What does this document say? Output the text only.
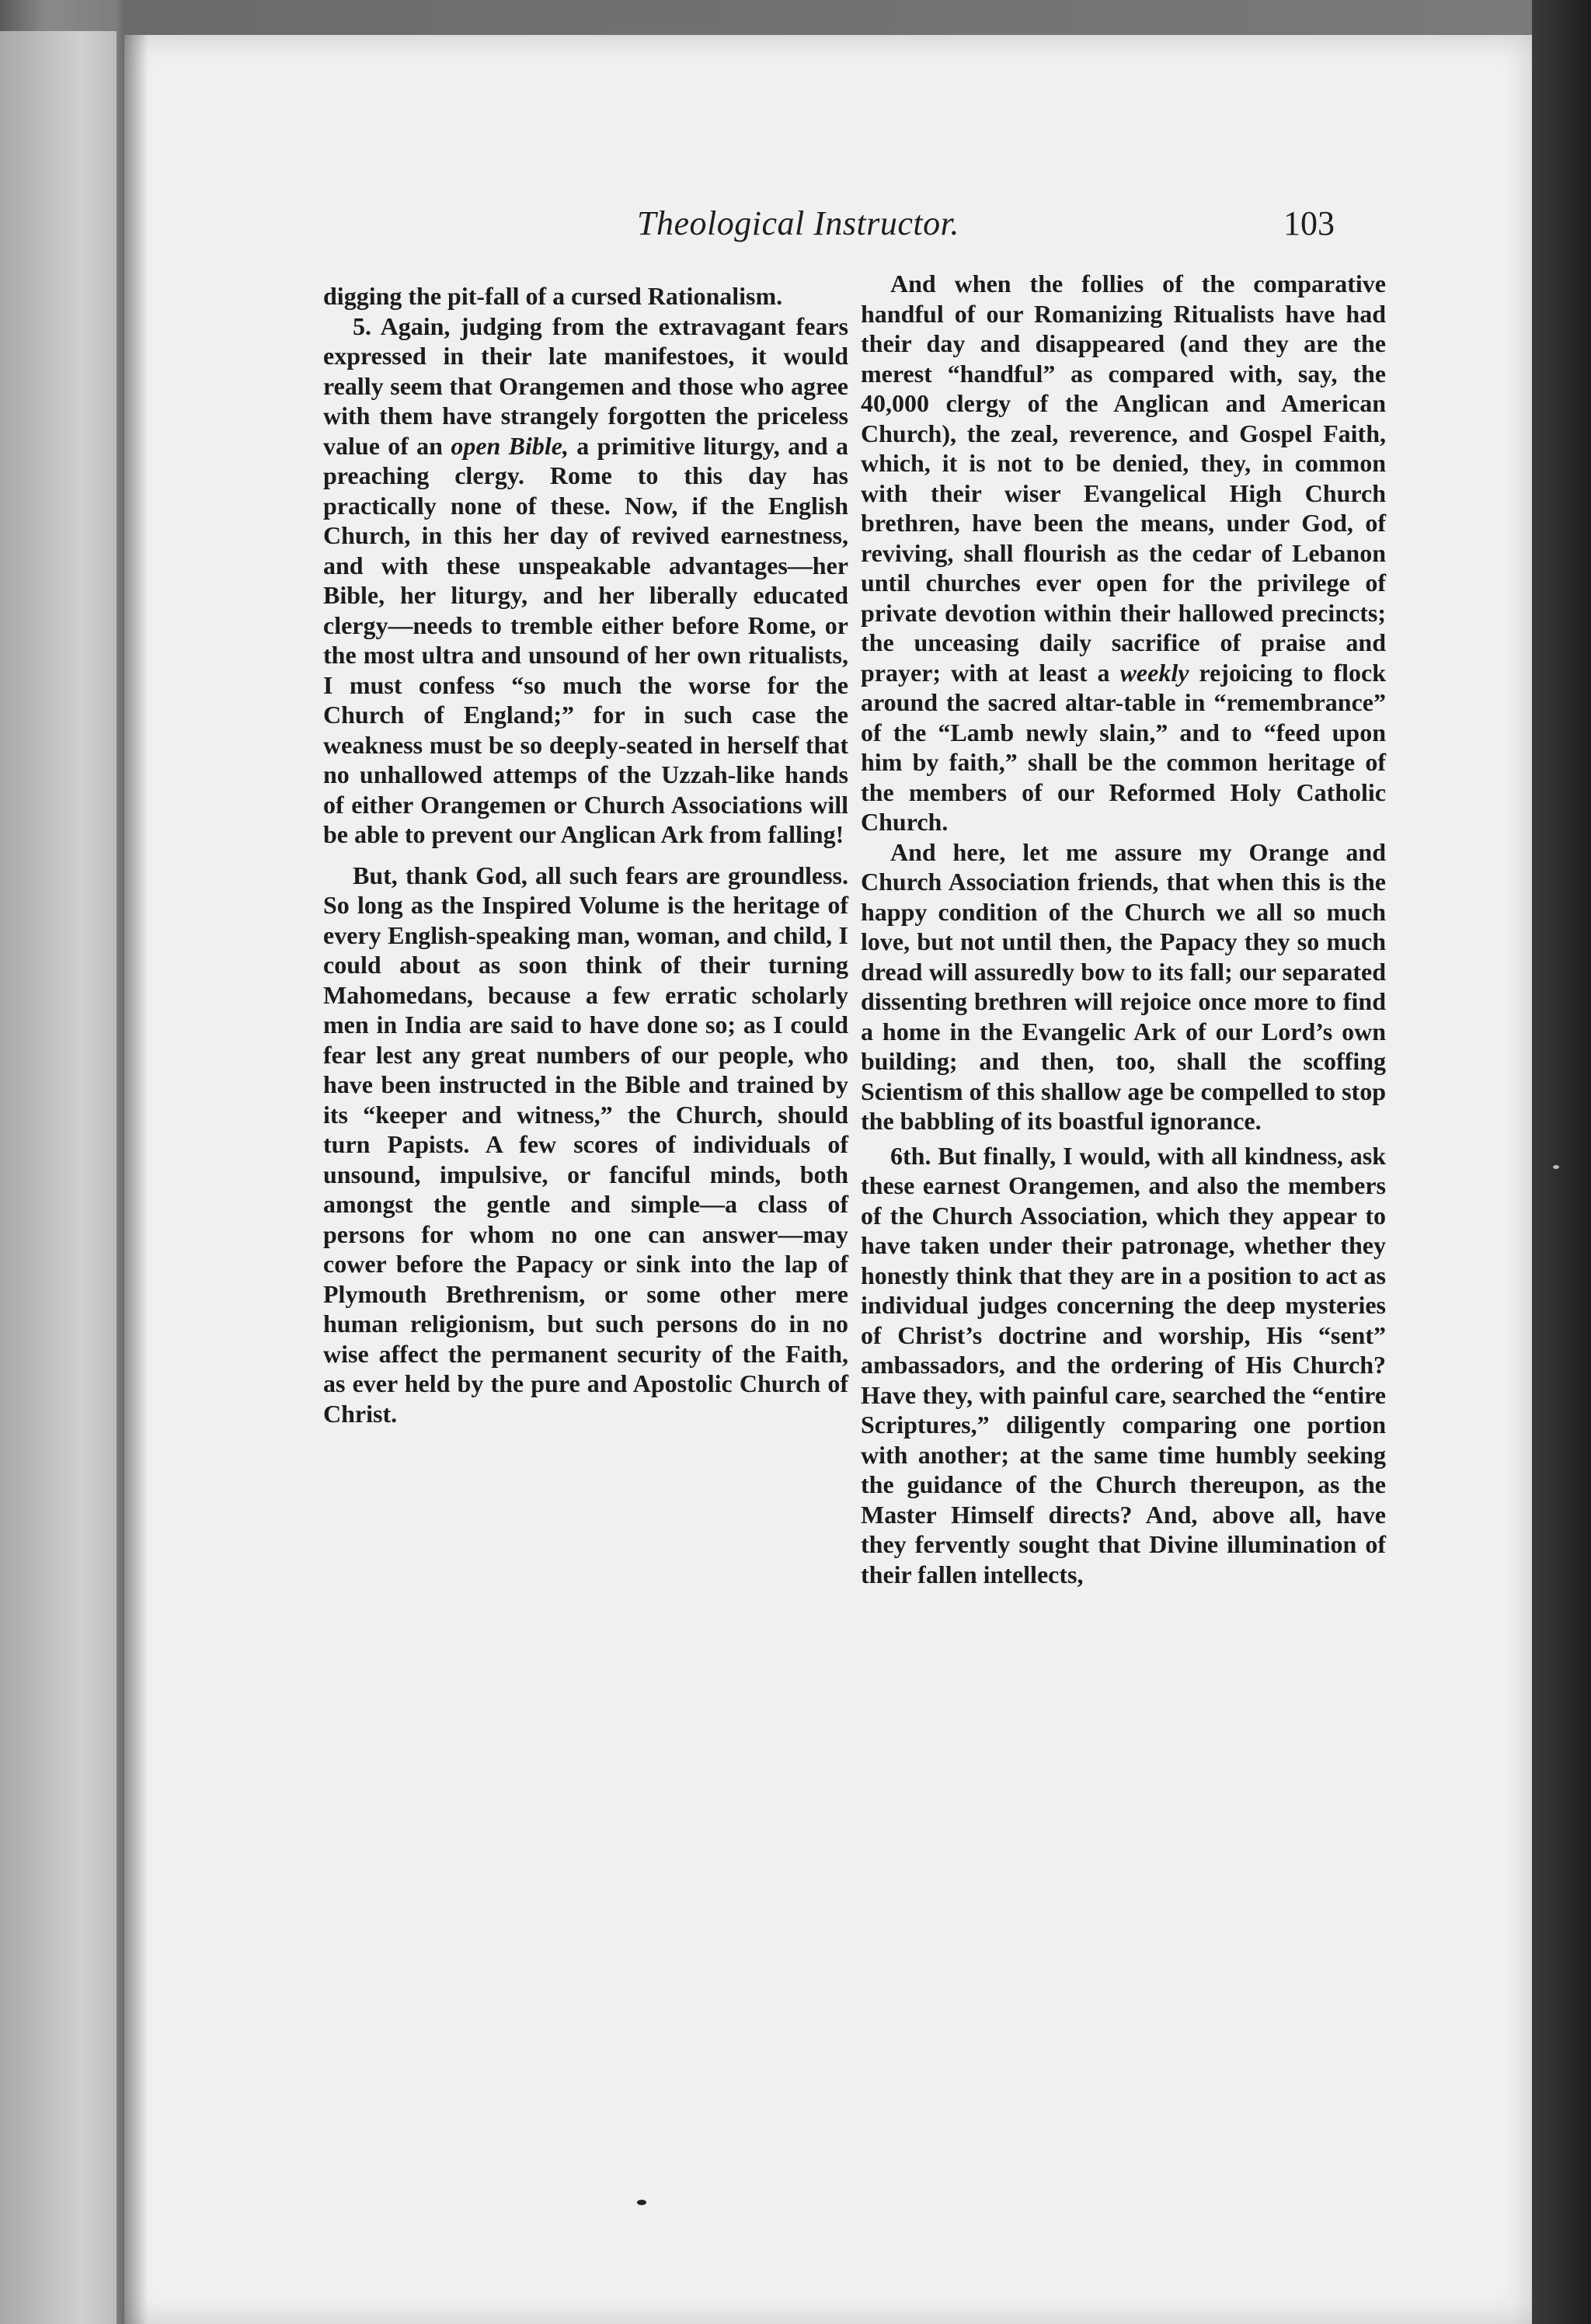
Theological Instructor.	103

digging the pit-fall of a cursed Rationalism.

5. Again, judging from the extravagant fears expressed in their late manifestoes, it would really seem that Orangemen and those who agree with them have strangely forgotten the priceless value of an open Bible, a primitive liturgy, and a preaching clergy. Rome to this day has practically none of these. Now, if the English Church, in this her day of revived earnestness, and with these unspeakable advantages—her Bible, her liturgy, and her liberally educated clergy—needs to tremble either before Rome, or the most ultra and unsound of her own ritualists, I must confess “so much the worse for the Church of England;” for in such case the weakness must be so deeply-seated in herself that no unhallowed attemps of the Uzzah-like hands of either Orangemen or Church Associations will be able to prevent our Anglican Ark from falling!

But, thank God, all such fears are groundless. So long as the Inspired Volume is the heritage of every English-speaking man, woman, and child, I could about as soon think of their turning Mahomedans, because a few erratic scholarly men in India are said to have done so; as I could fear lest any great numbers of our people, who have been instructed in the Bible and trained by its “keeper and witness,” the Church, should turn Papists. A few scores of individuals of unsound, impulsive, or fanciful minds, both amongst the gentle and simple—a class of persons for whom no one can answer—may cower before the Papacy or sink into the lap of Plymouth Brethrenism, or some other mere human religionism, but such persons do in no wise affect the permanent security of the Faith, as ever held by the pure and Apostolic Church of Christ.

And when the follies of the comparative handful of our Romanizing Ritualists have had their day and disappeared (and they are the merest “handful” as compared with, say, the 40,000 clergy of the Anglican and American Church), the zeal, reverence, and Gospel Faith, which, it is not to be denied, they, in common with their wiser Evangelical High Church brethren, have been the means, under God, of reviving, shall flourish as the cedar of Lebanon until churches ever open for the privilege of private devotion within their hallowed precincts; the unceasing daily sacrifice of praise and prayer; with at least a weekly rejoicing to flock around the sacred altar-table in “remembrance” of the “Lamb newly slain,” and to “feed upon him by faith,” shall be the common heritage of the members of our Reformed Holy Catholic Church.

And here, let me assure my Orange and Church Association friends, that when this is the happy condition of the Church we all so much love, but not until then, the Papacy they so much dread will assuredly bow to its fall; our separated dissenting brethren will rejoice once more to find a home in the Evangelic Ark of our Lord’s own building; and then, too, shall the scoffing Scientism of this shallow age be compelled to stop the babbling of its boastful ignorance.

6th. But finally, I would, with all kindness, ask these earnest Orangemen, and also the members of the Church Association, which they appear to have taken under their patronage, whether they honestly think that they are in a position to act as individual judges concerning the deep mysteries of Christ’s doctrine and worship, His “sent” ambassadors, and the ordering of His Church? Have they, with painful care, searched the “entire Scriptures,” diligently comparing one portion with another; at the same time humbly seeking the guidance of the Church thereupon, as the Master Himself directs? And, above all, have they fervently sought that Divine illumination of their fallen intellects,
